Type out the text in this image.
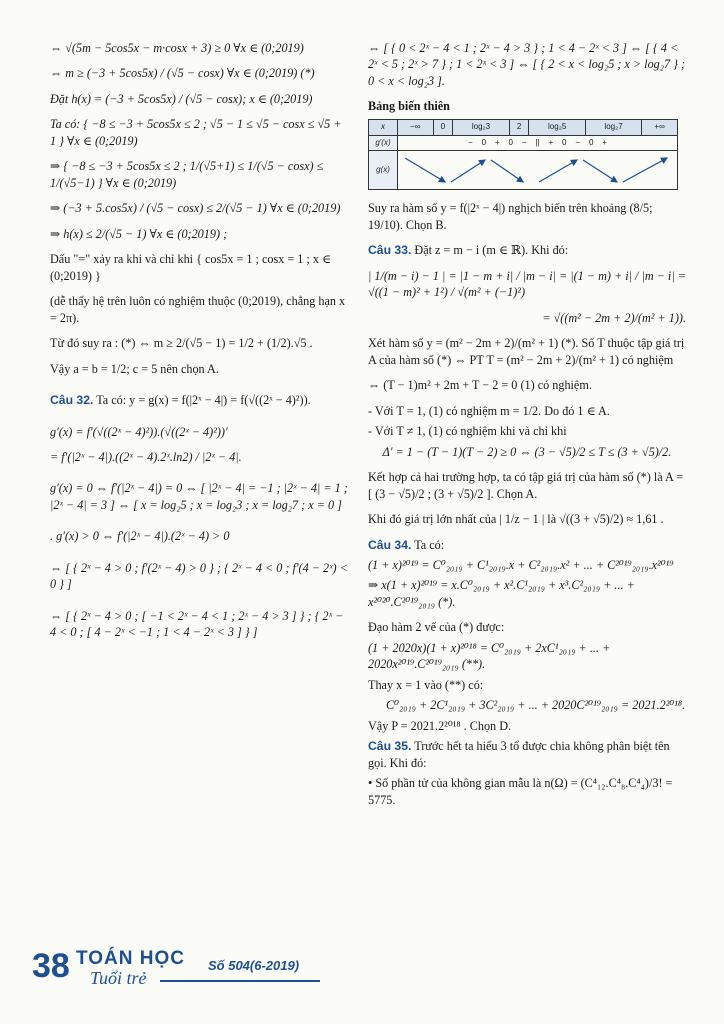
⇔ √(5m − 5cos5x − m·cosx + 3) ≥ 0 ∀x ∈ (0;2019)

⇔ m ≥ (−3 + 5cos5x) / (√5 − cosx) ∀x ∈ (0;2019) (*)

Đặt h(x) = (−3 + 5cos5x) / (√5 − cosx); x ∈ (0;2019)

Ta có: { −8 ≤ −3 + 5cos5x ≤ 2 ; √5 − 1 ≤ √5 − cosx ≤ √5 + 1 } ∀x ∈ (0;2019)

⇒ { −8 ≤ −3 + 5cos5x ≤ 2 ; 1/(√5+1) ≤ 1/(√5 − cosx) ≤ 1/(√5−1) } ∀x ∈ (0;2019)

⇒ (−3 + 5.cos5x) / (√5 − cosx) ≤ 2/(√5 − 1) ∀x ∈ (0;2019)

⇒ h(x) ≤ 2/(√5 − 1) ∀x ∈ (0;2019) ;

Dấu "=" xảy ra khi và chỉ khi { cos5x = 1 ; cosx = 1 ; x ∈ (0;2019) }

(dễ thấy hệ trên luôn có nghiệm thuộc (0;2019), chẳng hạn x = 2π).

Từ đó suy ra : (*) ⇔ m ≥ 2/(√5 − 1) = 1/2 + (1/2).√5 .

Vậy a = b = 1/2; c = 5 nên chọn A.

Câu 32. Ta có: y = g(x) = f(|2ˣ − 4|) = f(√((2ˣ − 4)²)).

g′(x) = f′(√((2ˣ − 4)²)).(√((2ˣ − 4)²))′

= f′(|2ˣ − 4|).((2ˣ − 4).2ˣ.ln2) / |2ˣ − 4|.

g′(x) = 0 ⇔ f′(|2ˣ − 4|) = 0 ⇔ [ |2ˣ − 4| = −1 ; |2ˣ − 4| = 1 ; |2ˣ − 4| = 3 ] ⇔ [ x = log₂5 ; x = log₂3 ; x = log₂7 ; x = 0 ]

. g′(x) > 0 ⇔ f′(|2ˣ − 4|).(2ˣ − 4) > 0

⇔ [ { 2ˣ − 4 > 0 ; f′(2ˣ − 4) > 0 } ; { 2ˣ − 4 < 0 ; f′(4 − 2ˣ) < 0 } ]

⇔ [ { 2ˣ − 4 > 0 ; [ −1 < 2ˣ − 4 < 1 ; 2ˣ − 4 > 3 ] } ; { 2ˣ − 4 < 0 ; [ 4 − 2ˣ < −1 ; 1 < 4 − 2ˣ < 3 ] } ]

⇔ [ { 0 < 2ˣ − 4 < 1 ; 2ˣ − 4 > 3 } ; 1 < 4 − 2ˣ < 3 ] ⇔ [ { 4 < 2ˣ < 5 ; 2ˣ > 7 } ; 1 < 2ˣ < 3 ] ⇔ [ { 2 < x < log₂5 ; x > log₂7 } ; 0 < x < log₂3 ].

Bảng biến thiên

x	−∞	0	log₂3	2	log₂5	log₂7	+∞
g′(x)	− 0 + 0 − || + 0 − 0 +						
g(x)	

Suy ra hàm số y = f(|2ˣ − 4|) nghịch biến trên khoảng (8/5; 19/10). Chọn B.

Câu 33. Đặt z = m − i (m ∈ ℝ). Khi đó:

| 1/(m − i) − 1 | = |1 − m + i| / |m − i| = |(1 − m) + i| / |m − i| = √((1 − m)² + 1²) / √(m² + (−1)²)

= √((m² − 2m + 2)/(m² + 1)).

Xét hàm số y = (m² − 2m + 2)/(m² + 1) (*). Số T thuộc tập giá trị A của hàm số (*) ⇔ PT T = (m² − 2m + 2)/(m² + 1) có nghiệm

⇔ (T − 1)m² + 2m + T − 2 = 0 (1) có nghiệm.

- Với T = 1, (1) có nghiệm m = 1/2. Do đó 1 ∈ A.

- Với T ≠ 1, (1) có nghiệm khi và chỉ khi

Δ′ = 1 − (T − 1)(T − 2) ≥ 0 ⇔ (3 − √5)/2 ≤ T ≤ (3 + √5)/2.

Kết hợp cả hai trường hợp, ta có tập giá trị của hàm số (*) là A = [ (3 − √5)/2 ; (3 + √5)/2 ]. Chọn A.

Khi đó giá trị lớn nhất của | 1/z − 1 | là √((3 + √5)/2) ≈ 1,61 .

Câu 34. Ta có:

(1 + x)²⁰¹⁹ = C⁰₂₀₁₉ + C¹₂₀₁₉.x + C²₂₀₁₉.x² + ... + C²⁰¹⁹₂₀₁₉.x²⁰¹⁹

⇒ x(1 + x)²⁰¹⁹ = x.C⁰₂₀₁₉ + x².C¹₂₀₁₉ + x³.C²₂₀₁₉ + ... + x²⁰²⁰.C²⁰¹⁹₂₀₁₉ (*).

Đạo hàm 2 vế của (*) được:

(1 + 2020x)(1 + x)²⁰¹⁸ = C⁰₂₀₁₉ + 2xC¹₂₀₁₉ + ... + 2020x²⁰¹⁹.C²⁰¹⁹₂₀₁₉ (**).

Thay x = 1 vào (**) có:

C⁰₂₀₁₉ + 2C¹₂₀₁₉ + 3C²₂₀₁₉ + ... + 2020C²⁰¹⁹₂₀₁₉ = 2021.2²⁰¹⁸.

Vậy P = 2021.2²⁰¹⁸ . Chọn D.

Câu 35. Trước hết ta hiểu 3 tổ được chia không phân biệt tên gọi. Khi đó:

• Số phần tử của không gian mẫu là n(Ω) = (C⁴₁₂.C⁴₈.C⁴₄)/3! = 5775.

38 TOÁN HỌC
Tuổi trẻ
Số 504(6-2019)
